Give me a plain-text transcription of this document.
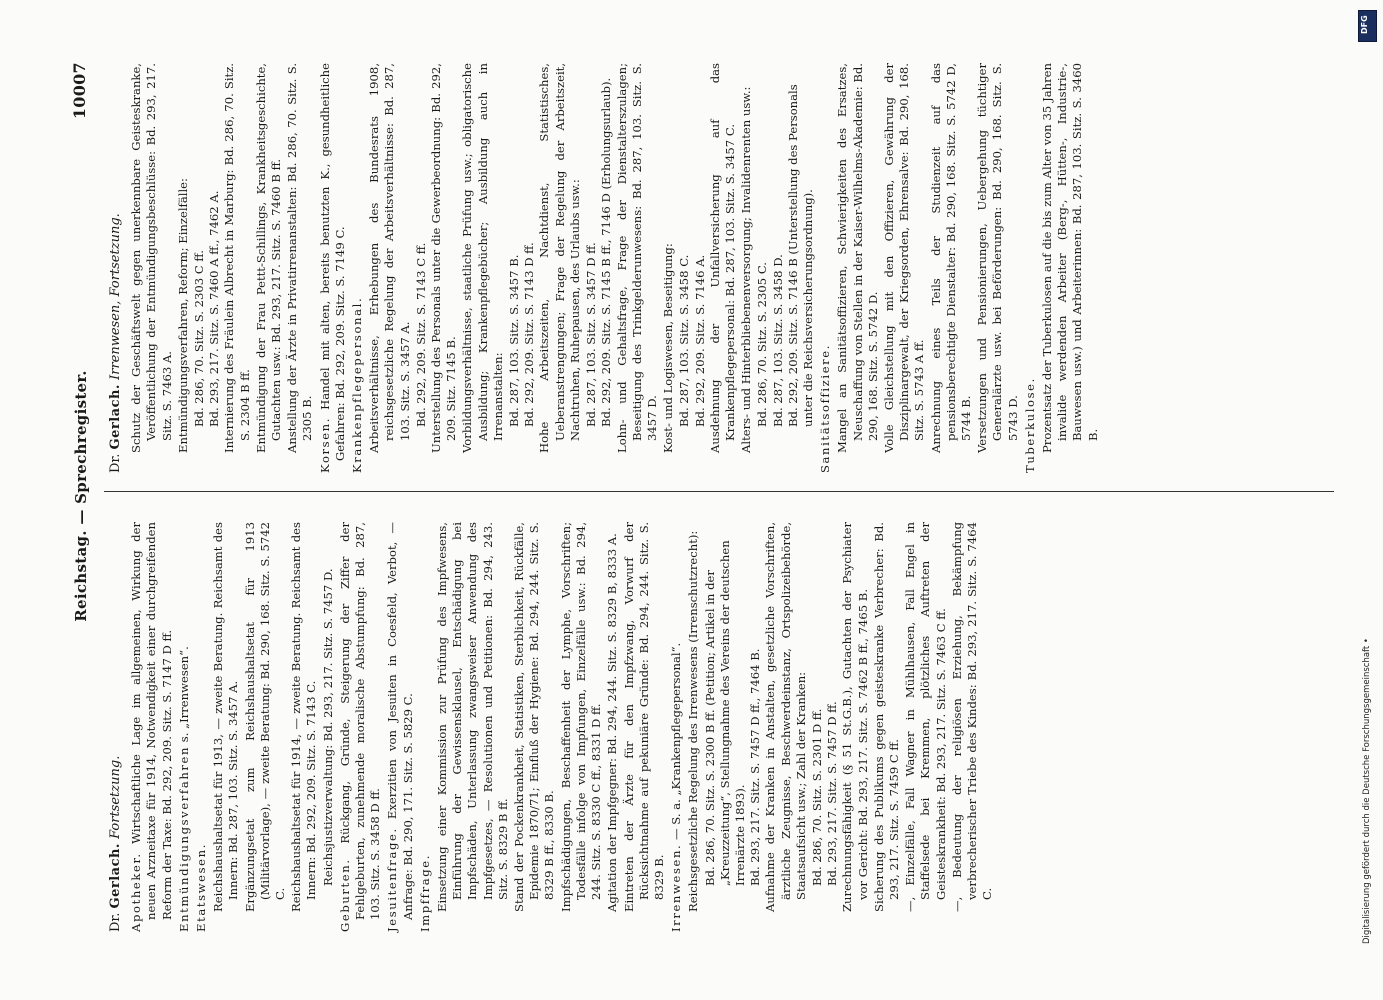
Reichstag. — Sprechregister.
10007
Dr. Gerlach. Fortsetzung.
Apotheker. Wirtschaftliche Lage im allgemeinen, Wirkung der neuen Arzneitaxe für 1914, Notwendigkeit einer durchgreifenden Reform der Taxe: Bd. 292, 209. Sitz. S. 7147 D ff. Entmündigungsverfahren s. „Irrenwesen“.
Etatswesen. Reichshaushaltsetat für 1913, — zweite Beratung. Reichsamt des Innern: Bd. 287, 103. Sitz. S. 3457 A. Ergänzungsetat zum Reichshaushaltsetat für 1913 (Militärvorlage), — zweite Beratung: Bd. 290, 168. Sitz. S. 5742 C. Reichshaushaltsetat für 1914, — zweite Beratung. Reichsamt des Innern: Bd. 292, 209. Sitz. S. 7143 C. Reichsjustizverwaltung: Bd. 293, 217. Sitz. S. 7457 D.
Geburten. Rückgang, Gründe, Steigerung der Ziffer der Fehlgeburten, zunehmende moralische Abstumpfung: Bd. 287, 103. Sitz. S. 3458 D ff. Jesuitenfrage. Exerzitien von Jesuiten in Coesfeld, Verbot, — Anfrage: Bd. 290, 171. Sitz. S. 5829 C. Impffrage. Einsetzung einer Kommission zur Prüfung des Impfwesens, Einführung der Gewissensklausel, Entschädigung bei Impfschäden, Unterlassung zwangsweiser Anwendung des Impfgesetzes, — Resolutionen und Petitionen: Bd. 294, 243. Sitz. S. 8329 B ff. Stand der Pockenkrankheit, Statistiken, Sterblichkeit, Rückfälle, Epidemie 1870/71; Einfluß der Hygiene: Bd. 294, 244. Sitz. S. 8329 B ff., 8330 B. Impfschädigungen, Beschaffenheit der Lymphe, Vorschriften; Todesfälle infolge von Impfungen, Einzelfälle usw.: Bd. 294, 244. Sitz. S. 8330 C ff., 8331 D ff. Agitation der Impfgegner: Bd. 294, 244. Sitz. S. 8329 B, 8333 A. Eintreten der Ärzte für den Impfzwang, Vorwurf der Rücksichtnahme auf pekuniäre Gründe: Bd. 294, 244. Sitz. S. 8329 B. Irrenwesen. — S. a. „Krankenpflegepersonal“. Reichsgesetzliche Regelung des Irrenwesens (Irrenschutzrecht): Bd. 286, 70. Sitz. S. 2300 B ff. (Petition; Artikel in der „Kreuzzeitung“, Stellungnahme des Vereins der deutschen Irrenärzte 1893). Bd. 293, 217. Sitz. S. 7457 D ff., 7464 B. Aufnahme der Kranken in Anstalten, gesetzliche Vorschriften, ärztliche Zeugnisse, Beschwerdeinstanz, Ortspolizeibehörde, Staatsaufsicht usw.; Zahl der Kranken: Bd. 286, 70. Sitz. S. 2301 D ff. Bd. 293, 217. Sitz. S. 7457 D ff. Zurechnungsfähigkeit (§ 51 St.G.B.), Gutachten der Psychiater vor Gericht: Bd. 293, 217. Sitz. S. 7462 B ff., 7465 B. Sicherung des Publikums gegen geisteskranke Verbrecher: Bd. 293, 217. Sitz. S. 7459 C ff. —, Einzelfälle, Fall Wagner in Mühlhausen, Fall Engel in Staffelsede bei Kremmen, plötzliches Auftreten der Geisteskrankheit: Bd. 293, 217. Sitz. S. 7463 C ff. —, Bedeutung der religiösen Erziehung, Bekämpfung verbrecherischer Triebe des Kindes: Bd. 293, 217. Sitz. S. 7464 C.
Dr. Gerlach. Irrenwesen, Fortsetzung. Schutz der Geschäftswelt gegen unerkennbare Geisteskranke, Veröffentlichung der Entmündigungsbeschlüsse: Bd. 293, 217. Sitz. S. 7463 A. Entmündigungsverfahren, Reform; Einzelfälle: Bd. 286, 70. Sitz. S. 2303 C ff. Bd. 293, 217. Sitz. S. 7460 A ff., 7462 A. Internierung des Fräulein Albrecht in Marburg: Bd. 286, 70. Sitz. S. 2304 B ff. Entmündigung der Frau Pettt-Schillings, Krankheitsgeschichte, Gutachten usw.: Bd. 293, 217. Sitz. S. 7460 B ff. Anstellung der Ärzte in Privatirrenanstalten: Bd. 286, 70. Sitz. S. 2305 B. Korsen. Handel mit alten, bereits benutzten K., gesundheitliche Gefahren: Bd. 292, 209. Sitz. S. 7149 C. Krankenpflegepersonal. Arbeitsverhältnisse, Erhebungen des Bundesrats 1908, reichsgesetzliche Regelung der Arbeitsverhältnisse: Bd. 287, 103. Sitz. S. 3457 A. Bd. 292, 209. Sitz. S. 7143 C ff. Unterstellung des Personals unter die Gewerbeordnung: Bd. 292, 209. Sitz. 7145 B. Vorbildungsverhältnisse, staatliche Prüfung usw.; obligatorische Ausbildung; Krankenpflegebücher; Ausbildung auch in Irrenanstalten: Bd. 287, 103. Sitz. S. 3457 B. Bd. 292, 209. Sitz. S. 7143 D ff. Hohe Arbeitszeiten, Nachtdienst, Statistisches, Ueberanstrengungen; Frage der Regelung der Arbeitszeit, Nachtruhen, Ruhepausen, des Urlaubs usw.: Bd. 287, 103. Sitz. S. 3457 D ff. Bd. 292, 209. Sitz. S. 7145 B ff., 7146 D (Erholungsurlaub). Lohn- und Gehaltsfrage, Frage der Dienstalterszulagen; Beseitigung des Trinkgelderunwesens: Bd. 287, 103. Sitz. S. 3457 D. Kost- und Logiswesen, Beseitigung: Bd. 287, 103. Sitz. S. 3458 C. Bd. 292, 209. Sitz. S. 7146 A. Ausdehnung der Unfallversicherung auf das Krankenpflegepersonal: Bd. 287, 103. Sitz. S. 3457 C. Alters- und Hinterbliebenenversorgung; Invalidenrenten usw.: Bd. 286, 70. Sitz. S. 2305 C. Bd. 287, 103. Sitz. S. 3458 D. Bd. 292, 209. Sitz. S. 7146 B (Unterstellung des Personals unter die Reichsversicherungsordnung). Sanitätsoffiziere. Mangel an Sanitätsoffizieren, Schwierigkeiten des Ersatzes, Neuschaffung von Stellen in der Kaiser-Wilhelms-Akademie: Bd. 290, 168. Sitz. S. 5742 D. Volle Gleichstellung mit den Offizieren, Gewährung der Disziplinargewalt, der Kriegsorden, Ehrensalve: Bd. 290, 168. Sitz. S. 5743 A ff. Anrechnung eines Teils der Studienzeit auf das pensionsberechtigte Dienstalter: Bd. 290, 168. Sitz. S. 5742 D, 5744 B. Versetzungen und Pensionierungen, Uebergehung tüchtiger Generalärzte usw. bei Beförderungen: Bd. 290, 168. Sitz. S. 5743 D. Tuberkulose. Prozentsatz der Tuberkulosen auf die bis zum Alter von 35 Jahren invalide werdenden Arbeiter (Berg-, Hütten-, Industrie-, Bauwesen usw.) und Arbeiterinnen: Bd. 287, 103. Sitz. S. 3460 B.
DFG
Digitalisierung gefördert durch die Deutsche Forschungsgemeinschaft •
